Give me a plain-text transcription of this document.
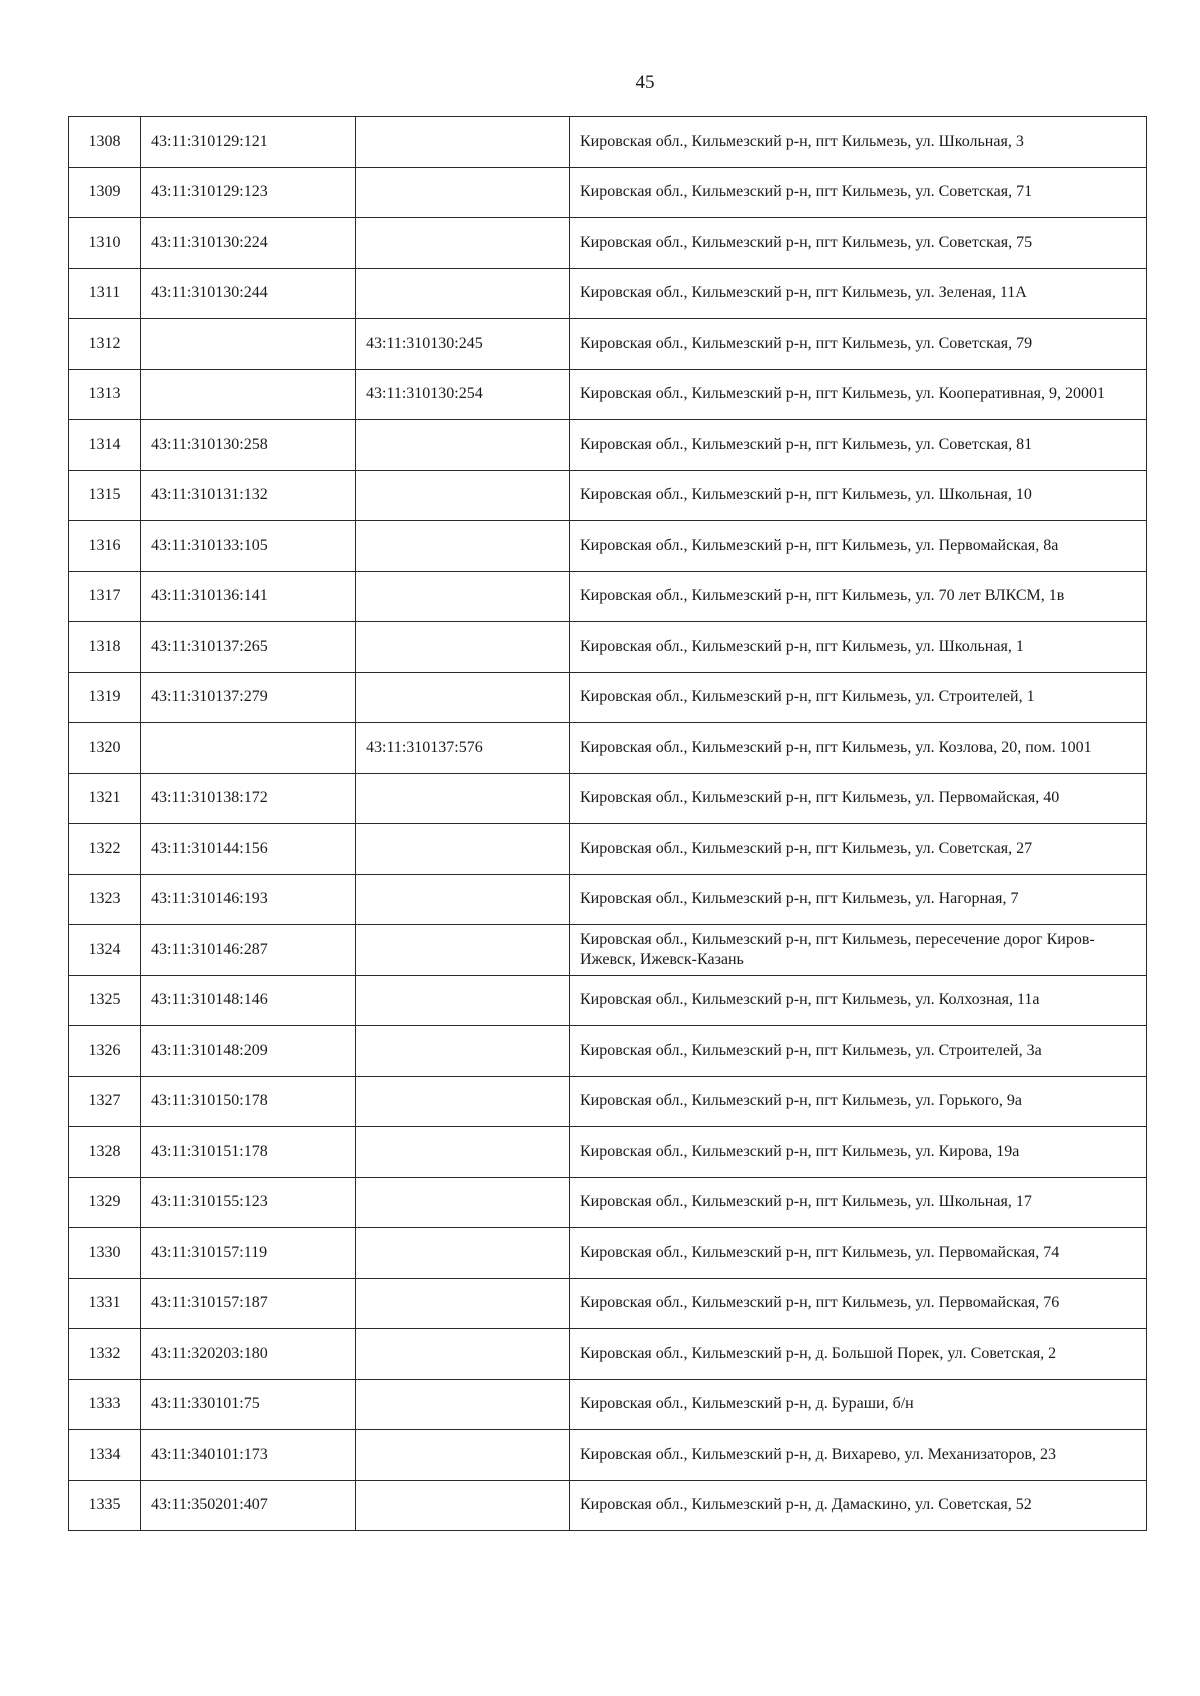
45
1308	43:11:310129:121		Кировская обл., Кильмезский р-н, пгт Кильмезь, ул. Школьная, 3
1309	43:11:310129:123		Кировская обл., Кильмезский р-н, пгт Кильмезь, ул. Советская, 71
1310	43:11:310130:224		Кировская обл., Кильмезский р-н, пгт Кильмезь, ул. Советская, 75
1311	43:11:310130:244		Кировская обл., Кильмезский р-н, пгт Кильмезь, ул. Зеленая, 11А
1312		43:11:310130:245	Кировская обл., Кильмезский р-н, пгт Кильмезь, ул. Советская, 79
1313		43:11:310130:254	Кировская обл., Кильмезский р-н, пгт Кильмезь, ул. Кооперативная, 9, 20001
1314	43:11:310130:258		Кировская обл., Кильмезский р-н, пгт Кильмезь, ул. Советская, 81
1315	43:11:310131:132		Кировская обл., Кильмезский р-н, пгт Кильмезь, ул. Школьная, 10
1316	43:11:310133:105		Кировская обл., Кильмезский р-н, пгт Кильмезь, ул. Первомайская, 8а
1317	43:11:310136:141		Кировская обл., Кильмезский р-н, пгт Кильмезь, ул. 70 лет ВЛКСМ, 1в
1318	43:11:310137:265		Кировская обл., Кильмезский р-н, пгт Кильмезь, ул. Школьная, 1
1319	43:11:310137:279		Кировская обл., Кильмезский р-н, пгт Кильмезь, ул. Строителей, 1
1320		43:11:310137:576	Кировская обл., Кильмезский р-н, пгт Кильмезь, ул. Козлова, 20, пом. 1001
1321	43:11:310138:172		Кировская обл., Кильмезский р-н, пгт Кильмезь, ул. Первомайская, 40
1322	43:11:310144:156		Кировская обл., Кильмезский р-н, пгт Кильмезь, ул. Советская, 27
1323	43:11:310146:193		Кировская обл., Кильмезский р-н, пгт Кильмезь, ул. Нагорная, 7
1324	43:11:310146:287		Кировская обл., Кильмезский р-н, пгт Кильмезь, пересечение дорог Киров-Ижевск, Ижевск-Казань
1325	43:11:310148:146		Кировская обл., Кильмезский р-н, пгт Кильмезь, ул. Колхозная, 11а
1326	43:11:310148:209		Кировская обл., Кильмезский р-н, пгт Кильмезь, ул. Строителей, 3а
1327	43:11:310150:178		Кировская обл., Кильмезский р-н, пгт Кильмезь, ул. Горького, 9а
1328	43:11:310151:178		Кировская обл., Кильмезский р-н, пгт Кильмезь, ул. Кирова, 19а
1329	43:11:310155:123		Кировская обл., Кильмезский р-н, пгт Кильмезь, ул. Школьная, 17
1330	43:11:310157:119		Кировская обл., Кильмезский р-н, пгт Кильмезь, ул. Первомайская, 74
1331	43:11:310157:187		Кировская обл., Кильмезский р-н, пгт Кильмезь, ул. Первомайская, 76
1332	43:11:320203:180		Кировская обл., Кильмезский р-н, д. Большой Порек, ул. Советская, 2
1333	43:11:330101:75		Кировская обл., Кильмезский р-н, д. Бураши, б/н
1334	43:11:340101:173		Кировская обл., Кильмезский р-н, д. Вихарево, ул. Механизаторов, 23
1335	43:11:350201:407		Кировская обл., Кильмезский р-н, д. Дамаскино, ул. Советская, 52
